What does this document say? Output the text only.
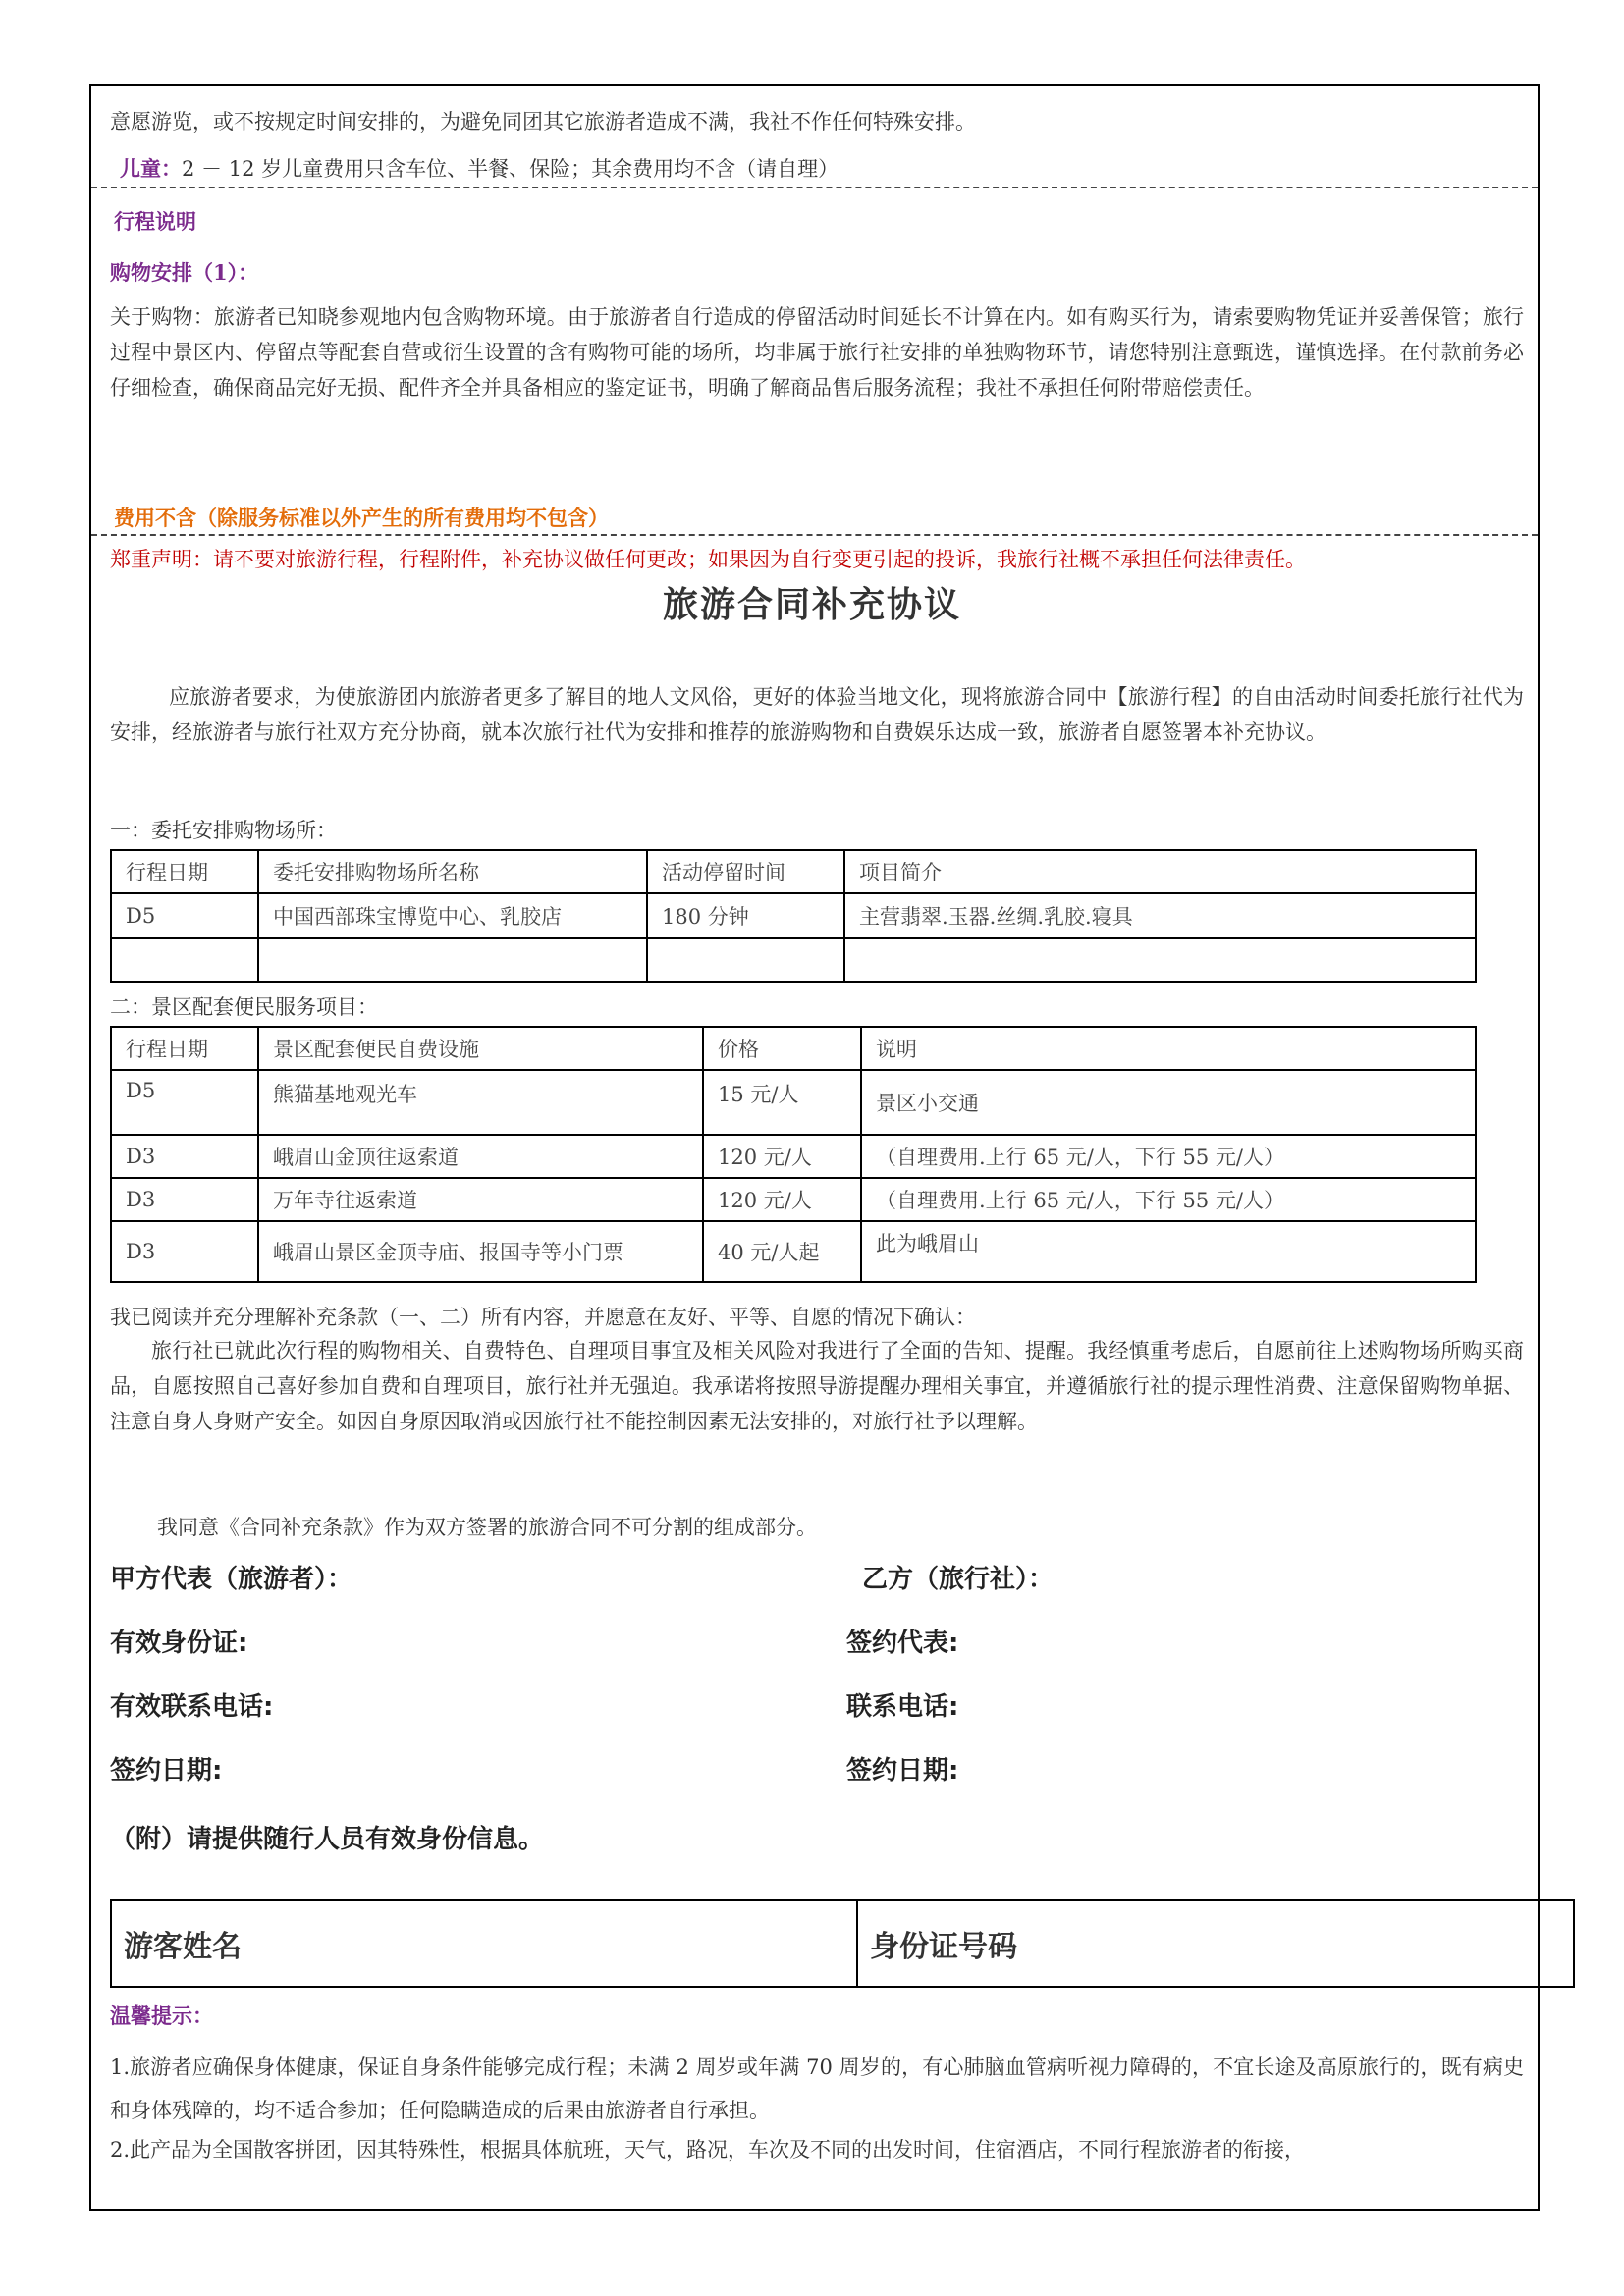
意愿游览，或不按规定时间安排的，为避免同团其它旅游者造成不满，我社不作任何特殊安排。
儿童：2 － 12 岁儿童费用只含车位、半餐、保险；其余费用均不含（请自理）
行程说明
购物安排（1）：
关于购物：旅游者已知晓参观地内包含购物环境。由于旅游者自行造成的停留活动时间延长不计算在内。如有购买行为，请索要购物凭证并妥善保管；旅行过程中景区内、停留点等配套自营或衍生设置的含有购物可能的场所，均非属于旅行社安排的单独购物环节，请您特别注意甄选，谨慎选择。在付款前务必仔细检查，确保商品完好无损、配件齐全并具备相应的鉴定证书，明确了解商品售后服务流程；我社不承担任何附带赔偿责任。
费用不含（除服务标准以外产生的所有费用均不包含）
郑重声明：请不要对旅游行程，行程附件，补充协议做任何更改；如果因为自行变更引起的投诉，我旅行社概不承担任何法律责任。
旅游合同补充协议
应旅游者要求，为使旅游团内旅游者更多了解目的地人文风俗，更好的体验当地文化，现将旅游合同中【旅游行程】的自由活动时间委托旅行社代为安排，经旅游者与旅行社双方充分协商，就本次旅行社代为安排和推荐的旅游购物和自费娱乐达成一致，旅游者自愿签署本补充协议。
一：委托安排购物场所：
行程日期	委托安排购物场所名称	活动停留时间	项目简介
D5	中国西部珠宝博览中心、乳胶店	180 分钟	主营翡翠.玉器.丝绸.乳胶.寝具

二：景区配套便民服务项目：
行程日期	景区配套便民自费设施	价格	说明
D5	熊猫基地观光车	15 元/人	景区小交通
D3	峨眉山金顶往返索道	120 元/人	（自理费用.上行 65 元/人，下行 55 元/人）
D3	万年寺往返索道	120 元/人	（自理费用.上行 65 元/人，下行 55 元/人）
D3	峨眉山景区金顶寺庙、报国寺等小门票	40 元/人起	此为峨眉山
我已阅读并充分理解补充条款（一、二）所有内容，并愿意在友好、平等、自愿的情况下确认：
旅行社已就此次行程的购物相关、自费特色、自理项目事宜及相关风险对我进行了全面的告知、提醒。我经慎重考虑后，自愿前往上述购物场所购买商品，自愿按照自己喜好参加自费和自理项目，旅行社并无强迫。我承诺将按照导游提醒办理相关事宜，并遵循旅行社的提示理性消费、注意保留购物单据、注意自身人身财产安全。如因自身原因取消或因旅行社不能控制因素无法安排的，对旅行社予以理解。
我同意《合同补充条款》作为双方签署的旅游合同不可分割的组成部分。
甲方代表（旅游者）：	乙方（旅行社）：
有效身份证:	签约代表:
有效联系电话:	联系电话:
签约日期:	签约日期:
（附）请提供随行人员有效身份信息。
游客姓名	身份证号码
温馨提示：
1.旅游者应确保身体健康，保证自身条件能够完成行程；未满 2 周岁或年满 70 周岁的，有心肺脑血管病听视力障碍的，不宜长途及高原旅行的，既有病史和身体残障的，均不适合参加；任何隐瞒造成的后果由旅游者自行承担。
2.此产品为全国散客拼团，因其特殊性，根据具体航班，天气，路况，车次及不同的出发时间，住宿酒店，不同行程旅游者的衔接，
